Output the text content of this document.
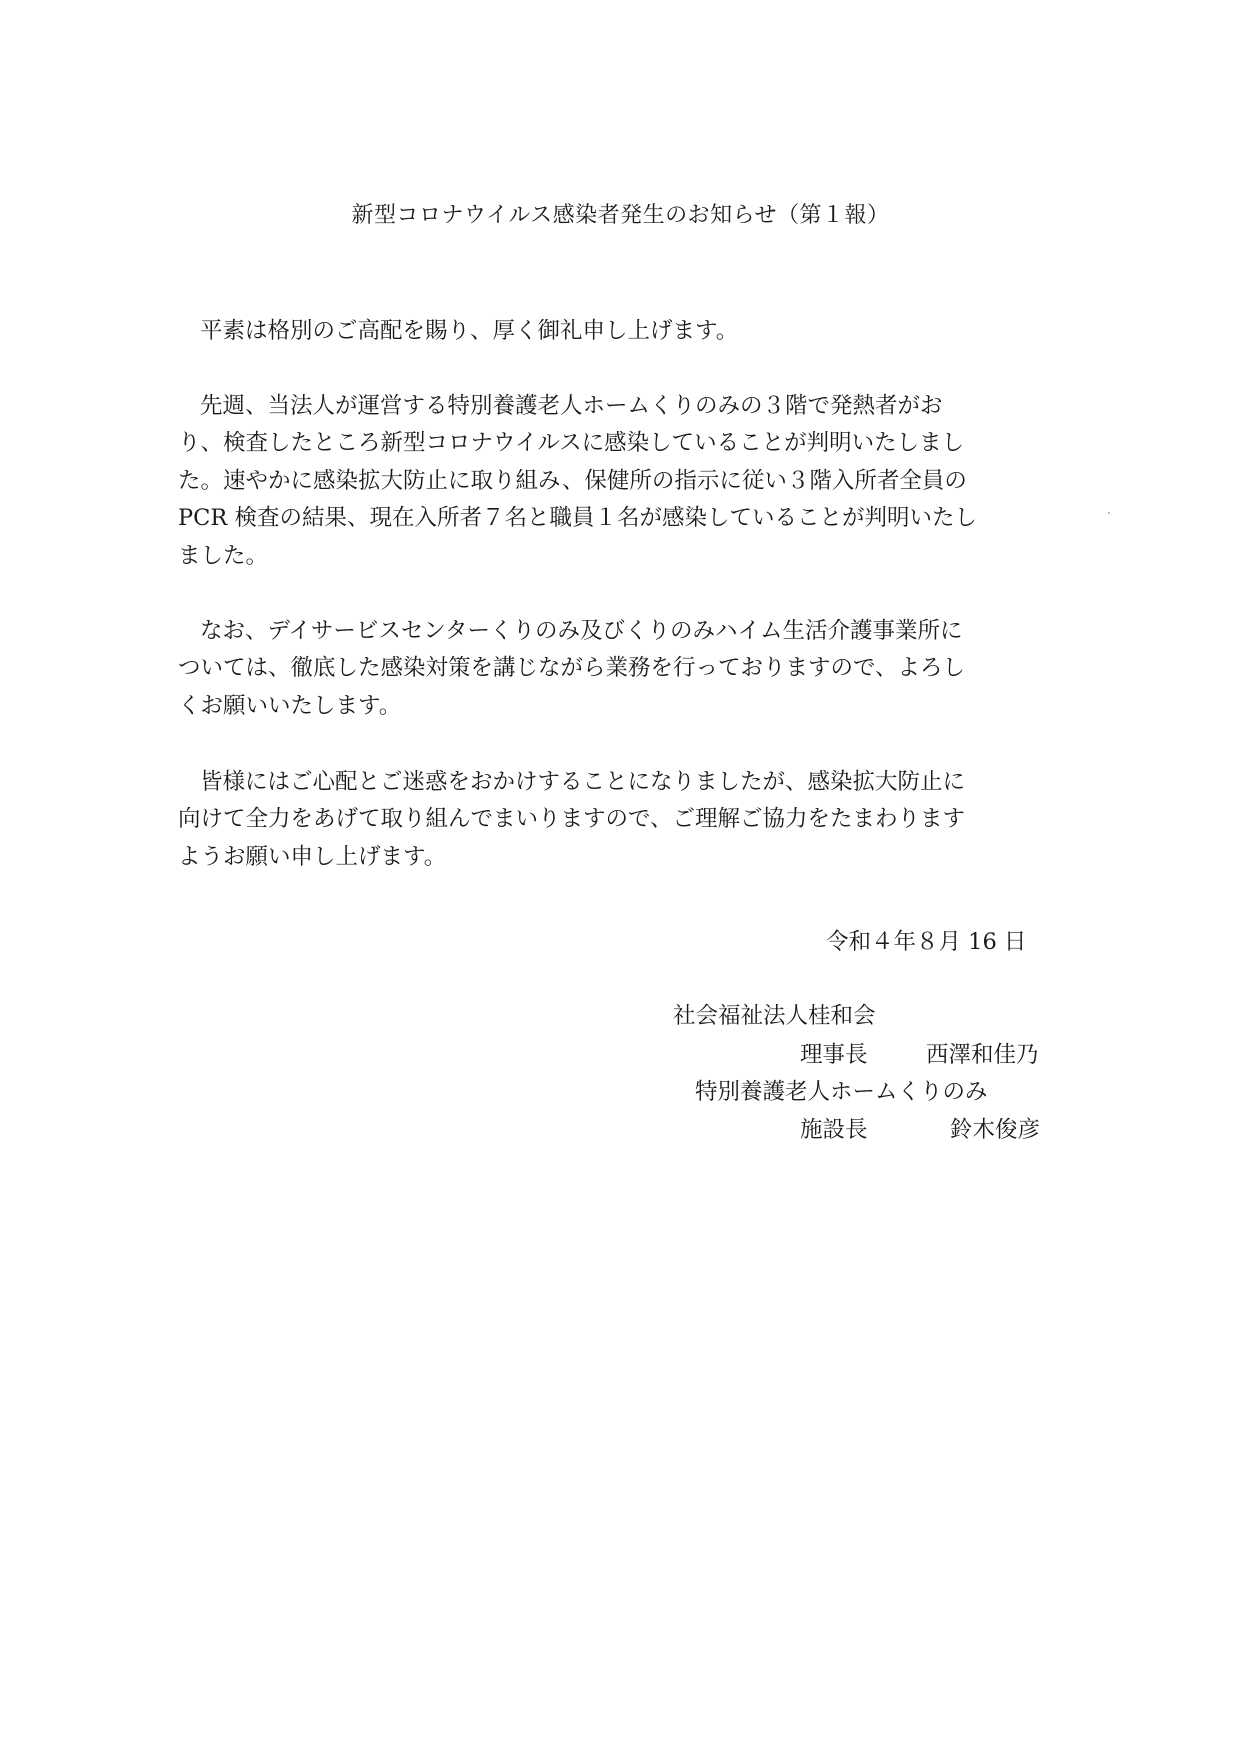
新型コロナウイルス感染者発生のお知らせ（第１報）
平素は格別のご高配を賜り、厚く御礼申し上げます。
先週、当法人が運営する特別養護老人ホームくりのみの３階で発熱者がお
り、検査したところ新型コロナウイルスに感染していることが判明いたしまし
た。速やかに感染拡大防止に取り組み、保健所の指示に従い３階入所者全員の
PCR 検査の結果、現在入所者７名と職員１名が感染していることが判明いたし
ました。
なお、デイサービスセンターくりのみ及びくりのみハイム生活介護事業所に
ついては、徹底した感染対策を講じながら業務を行っておりますので、よろし
くお願いいたします。
皆様にはご心配とご迷惑をおかけすることになりましたが、感染拡大防止に
向けて全力をあげて取り組んでまいりますので、ご理解ご協力をたまわります
ようお願い申し上げます。
令和４年８月 16 日
社会福祉法人桂和会
理事長	西澤和佳乃
特別養護老人ホームくりのみ
施設長	鈴木俊彦
